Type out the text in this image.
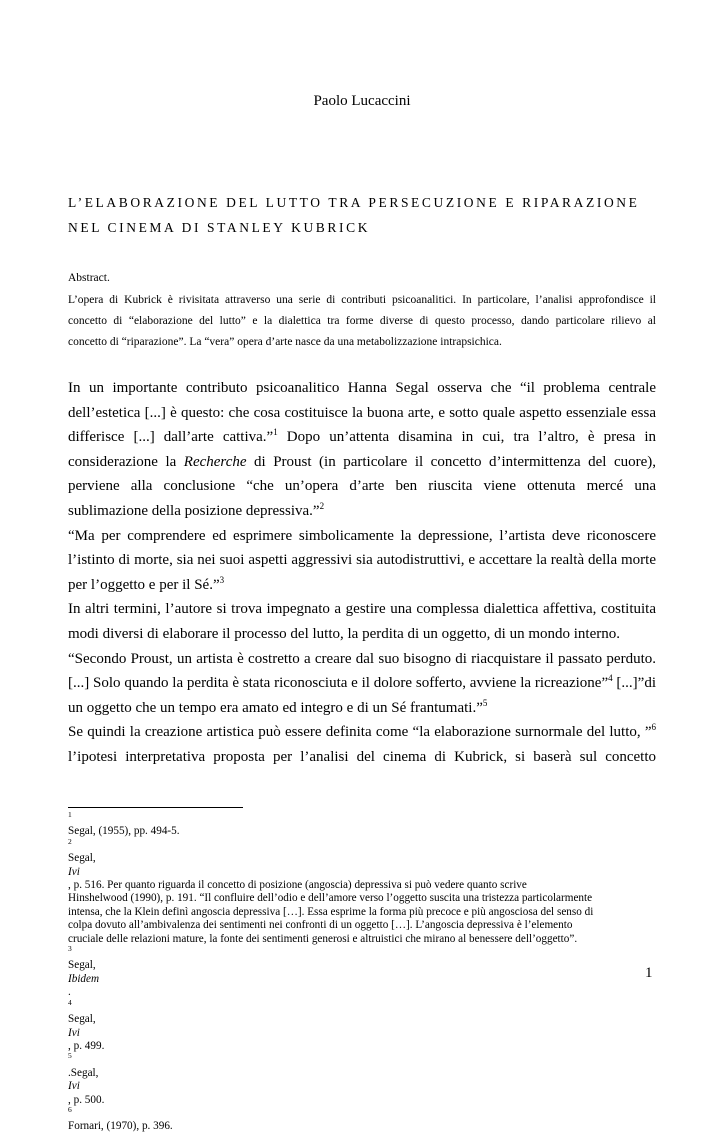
Paolo Lucaccini
L’ELABORAZIONE DEL LUTTO TRA PERSECUZIONE E RIPARAZIONE
NEL CINEMA DI STANLEY KUBRICK
Abstract.
L’opera di Kubrick è rivisitata attraverso una serie di contributi psicoanalitici. In particolare, l’analisi approfondisce il
concetto di “elaborazione del lutto” e la dialettica tra forme diverse di questo processo, dando particolare rilievo al
concetto di “riparazione”. La “vera” opera d’arte nasce da una metabolizzazione intrapsichica.
In un importante contributo psicoanalitico Hanna Segal osserva che “il problema centrale
dell’estetica [...] è questo: che cosa costituisce la buona arte, e sotto quale aspetto essenziale essa
differisce [...] dall’arte cattiva.”$^1$ Dopo un’attenta disamina in cui, tra l’altro, è presa in
considerazione la Recherche di Proust (in particolare il concetto d’intermittenza del cuore),
perviene alla conclusione “che un’opera d’arte ben riuscita viene ottenuta mercé una
sublimazione della posizione depressiva.”$^2$
“Ma per comprendere ed esprimere simbolicamente la depressione, l’artista deve riconoscere
l’istinto di morte, sia nei suoi aspetti aggressivi sia autodistruttivi, e accettare la realtà della morte
per l’oggetto e per il Sé.”$^3$
In altri termini, l’autore si trova impegnato a gestire una complessa dialettica affettiva, costituita
modi diversi di elaborare il processo del lutto, la perdita di un oggetto, di un mondo interno.
“Secondo Proust, un artista è costretto a creare dal suo bisogno di riacquistare il passato perduto.
[...] Solo quando la perdita è stata riconosciuta e il dolore sofferto, avviene la ricreazione”$^4$ [...]”di
un oggetto che un tempo era amato ed integro e di un Sé frantumati.”$^5$
Se quindi la creazione artistica può essere definita come “la elaborazione surnormale del lutto, ”$^6$
l’ipotesi interpretativa proposta per l’analisi del cinema di Kubrick, si baserà sul concetto
$^1$
Segal, (1955), pp. 494-5.
$^2$
Segal,
Ivi
, p. 516. Per quanto riguarda il concetto di posizione (angoscia) depressiva si può vedere quanto scrive
Hinshelwood (1990), p. 191. “Il confluire dell’odio e dell’amore verso l’oggetto suscita una tristezza particolarmente
intensa, che la Klein definì angoscia depressiva […]. Essa esprime la forma più precoce e più angosciosa del senso di
colpa dovuto all’ambivalenza dei sentimenti nei confronti di un oggetto […]. L’angoscia depressiva è l’elemento
cruciale delle relazioni mature, la fonte dei sentimenti generosi e altruistici che mirano al benessere dell’oggetto”.
$^3$
Segal,
Ibidem
.
$^4$
Segal,
Ivi
, p. 499.
$^5$
.Segal,
Ivi
, p. 500.
$^6$
Fornari, (1970), p. 396.
1
